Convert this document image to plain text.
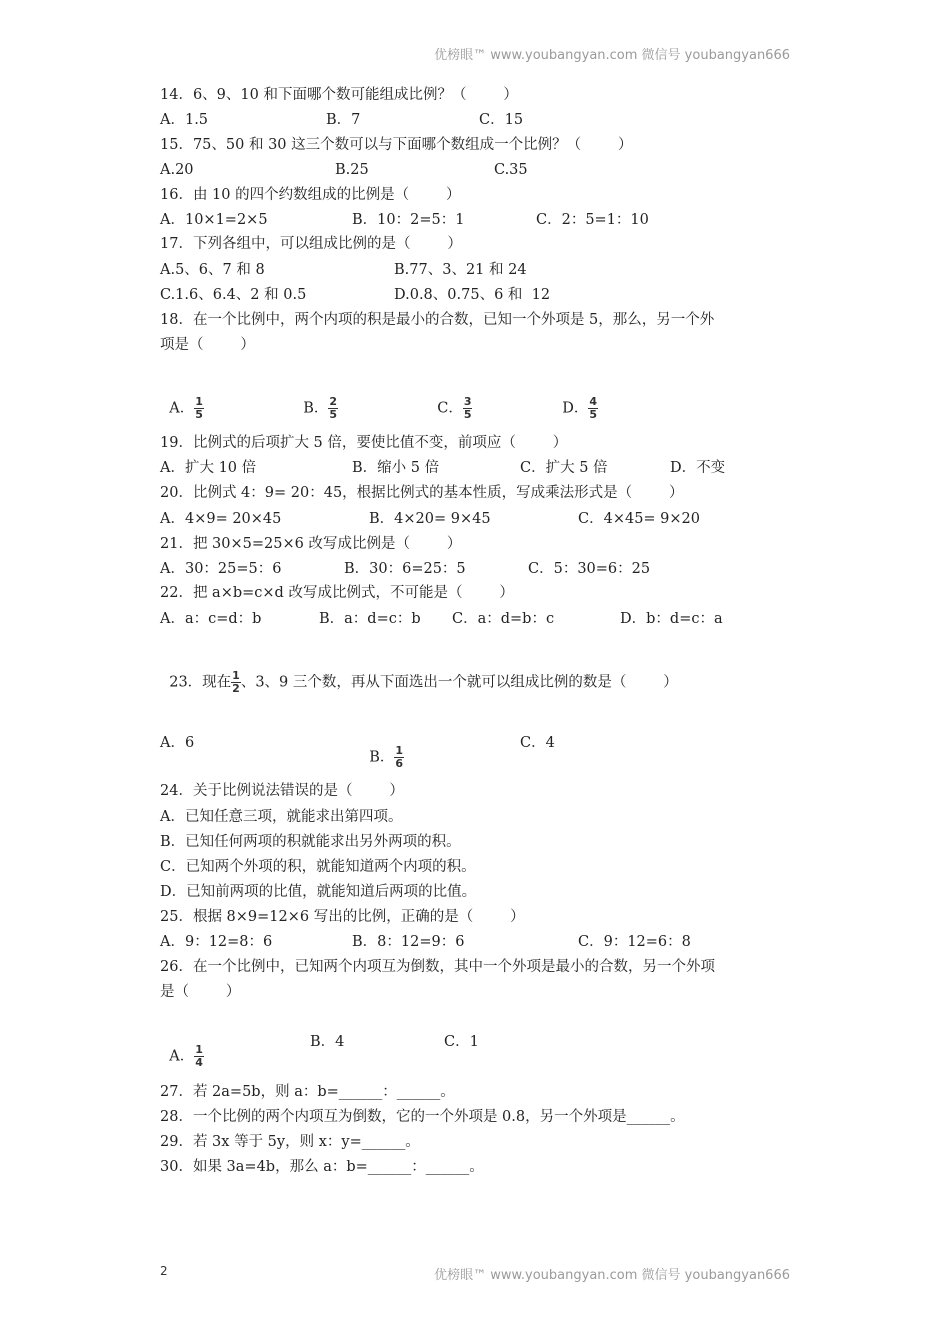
优榜眼™ www.youbangyan.com 微信号 youbangyan666
14．6、9、10 和下面哪个数可能组成比例？（        ）
A．1.5	B．7	C．15
15．75、50 和 30 这三个数可以与下面哪个数组成一个比例？（        ）
A.20	B.25	C.35
16．由 10 的四个约数组成的比例是（        ）
A．10×1=2×5	B．10：2=5：1	C．2：5=1：10
17．下列各组中，可以组成比例的是（        ）
A.5、6、7 和 8	B.77、3、21 和 24
C.1.6、6.4、2 和 0.5	D.0.8、0.75、6 和  12
18．在一个比例中，两个内项的积是最小的合数，已知一个外项是 5，那么，另一个外
项是（        ）

A． $\frac{1}{5}$	B． $\frac{2}{5}$	C． $\frac{3}{5}$	D． $\frac{4}{5}$

19．比例式的后项扩大 5 倍，要使比值不变，前项应（        ）
A．扩大 10 倍	B．缩小 5 倍	C．扩大 5 倍	D．不变
20．比例式 4：9= 20：45，根据比例式的基本性质，写成乘法形式是（        ）
A．4×9= 20×45	B．4×20= 9×45	C．4×45= 9×20
21．把 30×5=25×6 改写成比例是（        ）
A．30：25=5：6	B．30：6=25：5	C．5：30=6：25
22．把 a×b=c×d 改写成比例式，不可能是（        ）
A．a：c=d：b	B．a：d=c：b C．a：d=b：c	D．b：d=c：a

23．现在 $\frac{1}{2}$ 、3、9 三个数，再从下面选出一个就可以组成比例的数是（        ）

A．6

B． $\frac{1}{6}$

C．4
24．关于比例说法错误的是（        ）
A．已知任意三项，就能求出第四项。
B．已知任何两项的积就能求出另外两项的积。
C．已知两个外项的积，就能知道两个内项的积。
D．已知前两项的比值，就能知道后两项的比值。
25．根据 8×9=12×6 写出的比例，正确的是（        ）
A．9：12=8：6	B．8：12=9：6	C．9：12=6：8
26．在一个比例中，已知两个内项互为倒数，其中一个外项是最小的合数，另一个外项
是（        ）

A． $\frac{1}{4}$

B．4	C．1
27．若 2a=5b，则 a：b=______：______。
28．一个比例的两个内项互为倒数，它的一个外项是 0.8，另一个外项是______。
29．若 3x 等于 5y，则 x：y=______。
30．如果 3a=4b，那么 a：b=______：______。
2	优榜眼™ www.youbangyan.com 微信号 youbangyan666
